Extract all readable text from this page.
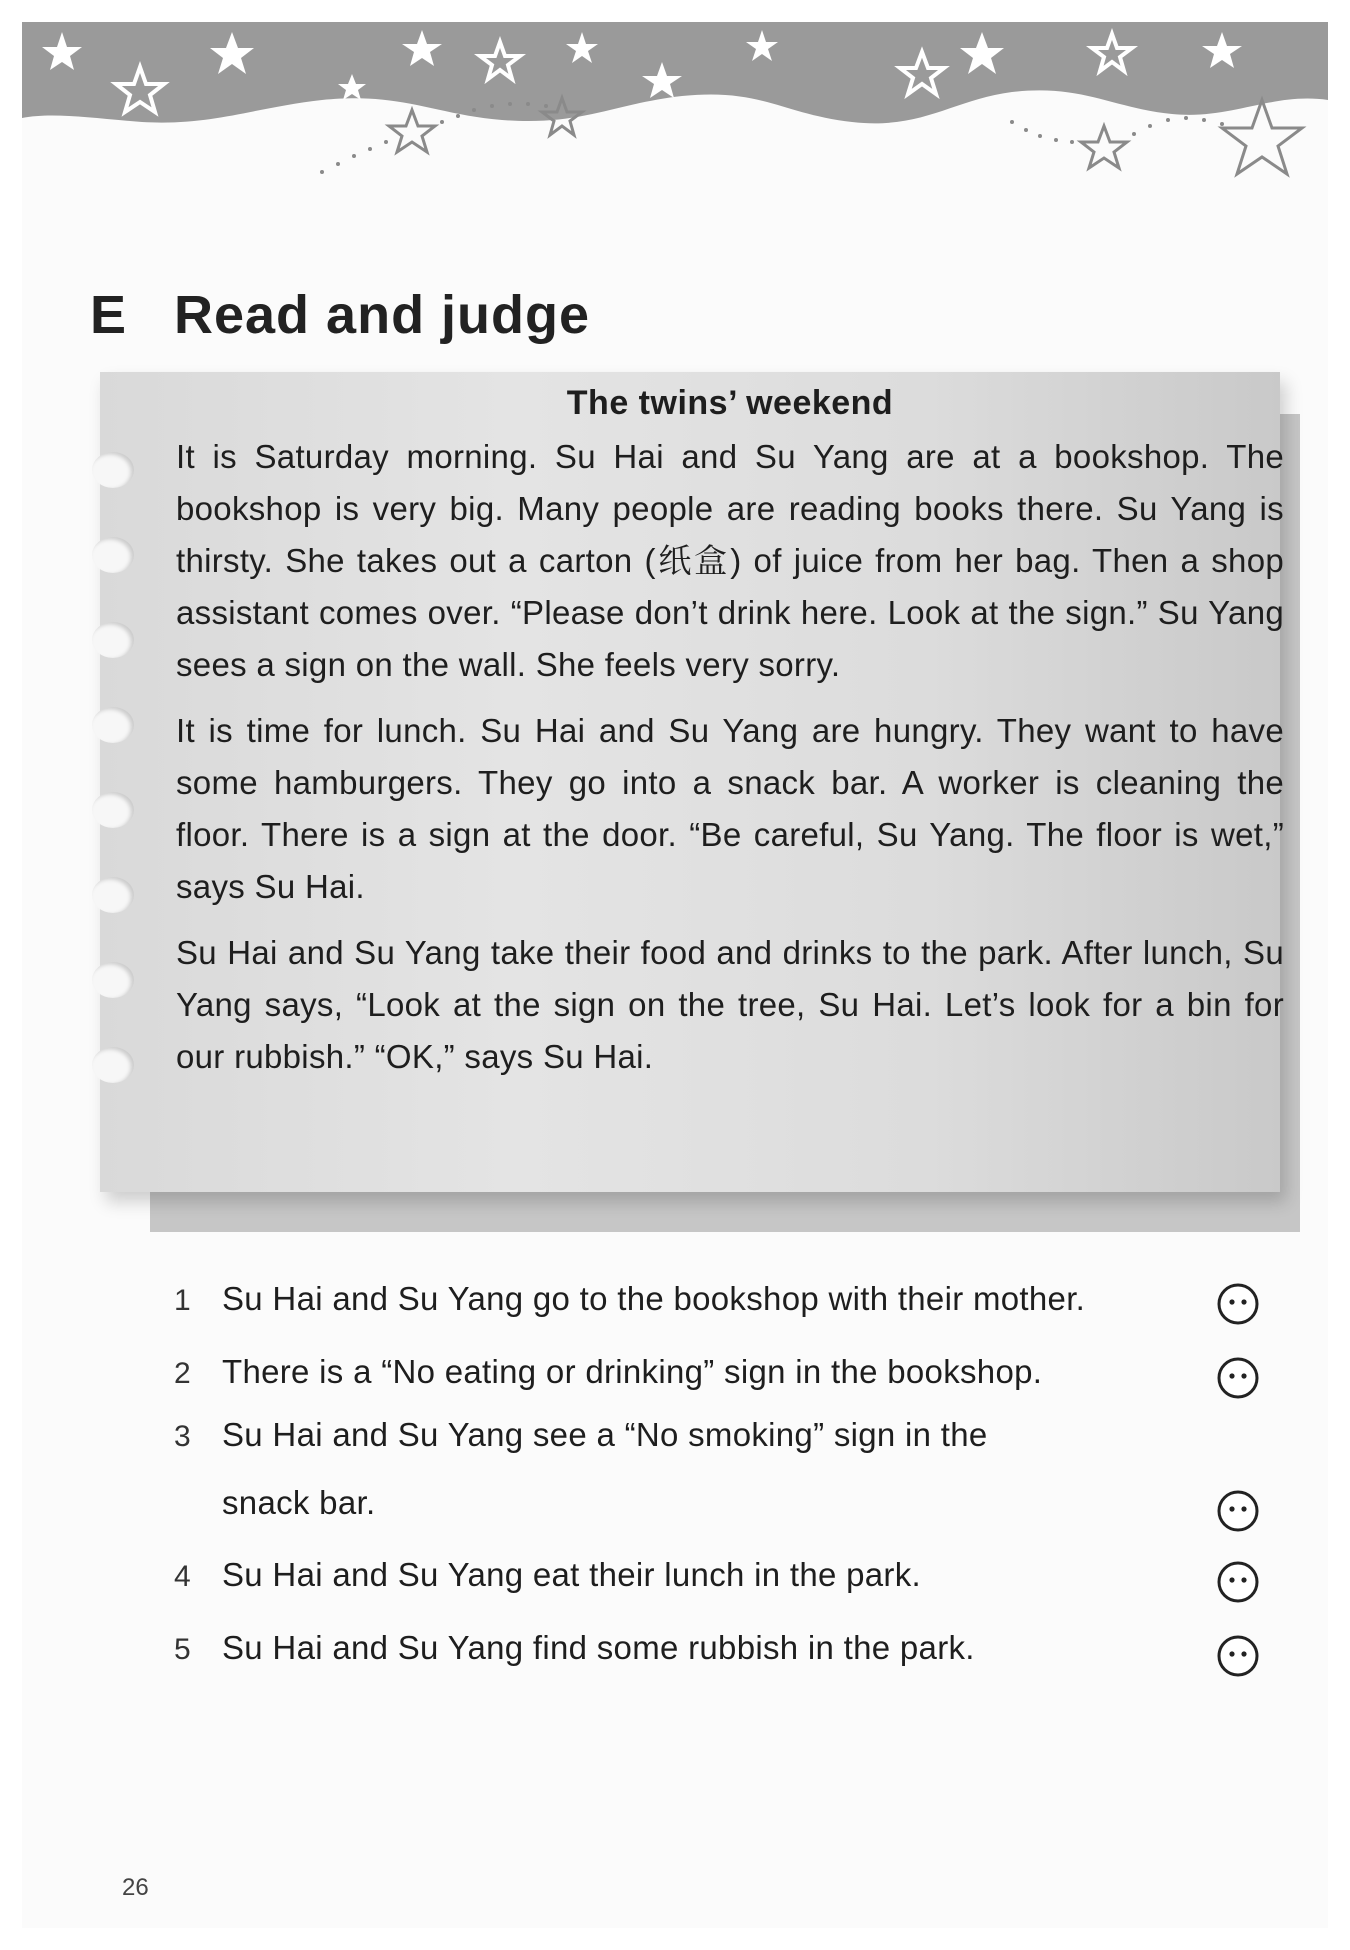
E Read and judge
The twins’ weekend

It is Saturday morning. Su Hai and Su Yang are at a bookshop. The bookshop is very big. Many people are reading books there. Su Yang is thirsty. She takes out a carton (纸盒) of juice from her bag. Then a shop assistant comes over. “Please don’t drink here. Look at the sign.” Su Yang sees a sign on the wall. She feels very sorry.

It is time for lunch. Su Hai and Su Yang are hungry. They want to have some hamburgers. They go into a snack bar. A worker is cleaning the floor. There is a sign at the door. “Be careful, Su Yang. The floor is wet,” says Su Hai.

Su Hai and Su Yang take their food and drinks to the park. After lunch, Su Yang says, “Look at the sign on the tree, Su Hai. Let’s look for a bin for our rubbish.” “OK,” says Su Hai.

1 Su Hai and Su Yang go to the bookshop with their mother.
2 There is a “No eating or drinking” sign in the bookshop.
3 Su Hai and Su Yang see a “No smoking” sign in the
snack bar.
4 Su Hai and Su Yang eat their lunch in the park.
5 Su Hai and Su Yang find some rubbish in the park.
26
